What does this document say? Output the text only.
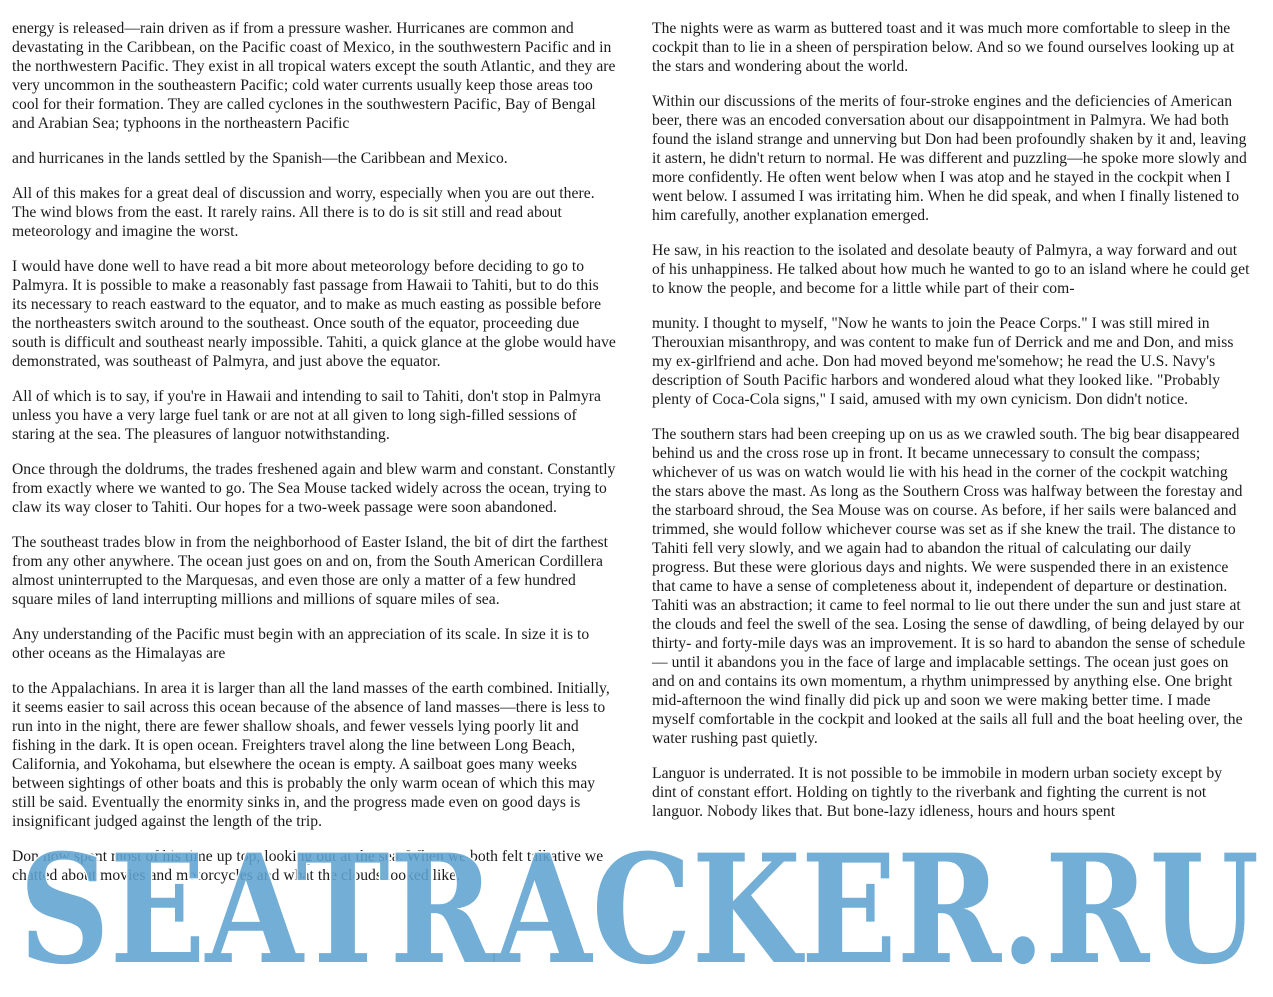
energy is released—rain driven as if from a pressure washer. Hurricanes are common and devastating in the Caribbean, on the Pacific coast of Mexico, in the southwestern Pacific and in the northwestern Pacific. They exist in all tropical waters except the south Atlantic, and they are very uncommon in the southeastern Pacific; cold water currents usually keep those areas too cool for their formation. They are called cyclones in the southwestern Pacific, Bay of Bengal and Arabian Sea; typhoons in the northeastern Pacific

and hurricanes in the lands settled by the Spanish—the Caribbean and Mexico.

All of this makes for a great deal of discussion and worry, especially when you are out there. The wind blows from the east. It rarely rains. All there is to do is sit still and read about meteorology and imagine the worst.

I would have done well to have read a bit more about meteorology before deciding to go to Palmyra. It is possible to make a reasonably fast passage from Hawaii to Tahiti, but to do this its necessary to reach eastward to the equator, and to make as much easting as possible before the northeasters switch around to the southeast. Once south of the equator, proceeding due south is difficult and southeast nearly impossible. Tahiti, a quick glance at the globe would have demonstrated, was southeast of Palmyra, and just above the equator.

All of which is to say, if you're in Hawaii and intending to sail to Tahiti, don't stop in Palmyra unless you have a very large fuel tank or are not at all given to long sigh-filled sessions of staring at the sea. The pleasures of languor notwithstanding.

Once through the doldrums, the trades freshened again and blew warm and constant. Constantly from exactly where we wanted to go. The Sea Mouse tacked widely across the ocean, trying to claw its way closer to Tahiti. Our hopes for a two-week passage were soon abandoned.

The southeast trades blow in from the neighborhood of Easter Island, the bit of dirt the farthest from any other anywhere. The ocean just goes on and on, from the South American Cordillera almost uninterrupted to the Marquesas, and even those are only a matter of a few hundred square miles of land interrupting millions and millions of square miles of sea.

Any understanding of the Pacific must begin with an appreciation of its scale. In size it is to other oceans as the Himalayas are

to the Appalachians. In area it is larger than all the land masses of the earth combined. Initially, it seems easier to sail across this ocean because of the absence of land masses—there is less to run into in the night, there are fewer shallow shoals, and fewer vessels lying poorly lit and fishing in the dark. It is open ocean. Freighters travel along the line between Long Beach, California, and Yokohama, but elsewhere the ocean is empty. A sailboat goes many weeks between sightings of other boats and this is probably the only warm ocean of which this may still be said. Eventually the enormity sinks in, and the progress made even on good days is insignificant judged against the length of the trip.

Don now spent most of his time up top, looking out at the sea. When we both felt talkative we chatted about movies and motorcycles and what the clouds looked like.

The nights were as warm as buttered toast and it was much more comfortable to sleep in the cockpit than to lie in a sheen of perspiration below. And so we found ourselves looking up at the stars and wondering about the world.

Within our discussions of the merits of four-stroke engines and the deficiencies of American beer, there was an encoded conversation about our disappointment in Palmyra. We had both found the island strange and unnerving but Don had been profoundly shaken by it and, leaving it astern, he didn't return to normal. He was different and puzzling—he spoke more slowly and more confidently. He often went below when I was atop and he stayed in the cockpit when I went below. I assumed I was irritating him. When he did speak, and when I finally listened to him carefully, another explanation emerged.

He saw, in his reaction to the isolated and desolate beauty of Palmyra, a way forward and out of his unhappiness. He talked about how much he wanted to go to an island where he could get to know the people, and become for a little while part of their com-

munity. I thought to myself, "Now he wants to join the Peace Corps." I was still mired in Therouxian misanthropy, and was content to make fun of Derrick and me and Don, and miss my ex-girlfriend and ache. Don had moved beyond me'somehow; he read the U.S. Navy's description of South Pacific harbors and wondered aloud what they looked like. "Probably plenty of Coca-Cola signs," I said, amused with my own cynicism. Don didn't notice.

The southern stars had been creeping up on us as we crawled south. The big bear disappeared behind us and the cross rose up in front. It became unnecessary to consult the compass; whichever of us was on watch would lie with his head in the corner of the cockpit watching the stars above the mast. As long as the Southern Cross was halfway between the forestay and the starboard shroud, the Sea Mouse was on course. As before, if her sails were balanced and trimmed, she would follow whichever course was set as if she knew the trail. The distance to Tahiti fell very slowly, and we again had to abandon the ritual of calculating our daily progress. But these were glorious days and nights. We were suspended there in an existence that came to have a sense of completeness about it, independent of departure or destination. Tahiti was an abstraction; it came to feel normal to lie out there under the sun and just stare at the clouds and feel the swell of the sea. Losing the sense of dawdling, of being delayed by our thirty- and forty-mile days was an improvement. It is so hard to abandon the sense of schedule— until it abandons you in the face of large and implacable settings. The ocean just goes on and on and contains its own momentum, a rhythm unimpressed by anything else. One bright mid-afternoon the wind finally did pick up and soon we were making better time. I made myself comfortable in the cockpit and looked at the sails all full and the boat heeling over, the water rushing past quietly.

Languor is underrated. It is not possible to be immobile in modern urban society except by dint of constant effort. Holding on tightly to the riverbank and fighting the current is not languor. Nobody likes that. But bone-lazy idleness, hours and hours spent

SEATRACKER.RU
